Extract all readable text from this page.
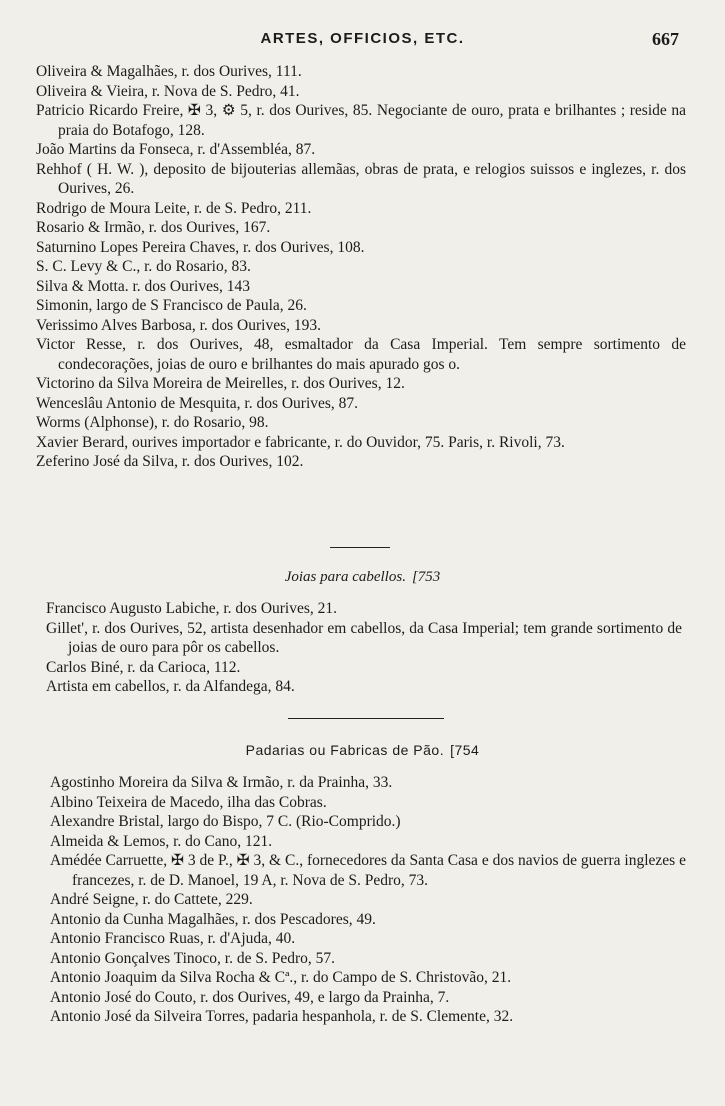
ARTES, OFFICIOS, ETC.	667

Oliveira & Magalhães, r. dos Ourives, 111.

Oliveira & Vieira, r. Nova de S. Pedro, 41.

Patricio Ricardo Freire, ✠ 3, ⚙ 5, r. dos Ourives, 85. Negociante de ouro, prata e brilhantes ; reside na praia do Botafogo, 128.

João Martins da Fonseca, r. d'Assembléa, 87.

Rehhof ( H. W. ), deposito de bijouterias allemãas, obras de prata, e relogios suissos e inglezes, r. dos Ourives, 26.

Rodrigo de Moura Leite, r. de S. Pedro, 211.

Rosario & Irmão, r. dos Ourives, 167.

Saturnino Lopes Pereira Chaves, r. dos Ourives, 108.

S. C. Levy & C., r. do Rosario, 83.

Silva & Motta. r. dos Ourives, 143

Simonin, largo de S Francisco de Paula, 26.

Verissimo Alves Barbosa, r. dos Ourives, 193.

Victor Resse, r. dos Ourives, 48, esmaltador da Casa Imperial. Tem sempre sortimento de condecorações, joias de ouro e brilhantes do mais apurado gos o.

Victorino da Silva Moreira de Meirelles, r. dos Ourives, 12.

Wenceslâu Antonio de Mesquita, r. dos Ourives, 87.

Worms (Alphonse), r. do Rosario, 98.

Xavier Berard, ourives importador e fabricante, r. do Ouvidor, 75. Paris, r. Rivoli, 73.

Zeferino José da Silva, r. dos Ourives, 102.

Joias para cabellos. [753

Francisco Augusto Labiche, r. dos Ourives, 21.

Gillet', r. dos Ourives, 52, artista desenhador em cabellos, da Casa Imperial; tem grande sortimento de joias de ouro para pôr os cabellos.

Carlos Biné, r. da Carioca, 112.

Artista em cabellos, r. da Alfandega, 84.

Padarias ou Fabricas de Pão. [754

Agostinho Moreira da Silva & Irmão, r. da Prainha, 33.

Albino Teixeira de Macedo, ilha das Cobras.

Alexandre Bristal, largo do Bispo, 7 C. (Rio-Comprido.)

Almeida & Lemos, r. do Cano, 121.

Amédée Carruette, ✠ 3 de P., ✠ 3, & C., fornecedores da Santa Casa e dos navios de guerra inglezes e francezes, r. de D. Manoel, 19 A, r. Nova de S. Pedro, 73.

André Seigne, r. do Cattete, 229.

Antonio da Cunha Magalhães, r. dos Pescadores, 49.

Antonio Francisco Ruas, r. d'Ajuda, 40.

Antonio Gonçalves Tinoco, r. de S. Pedro, 57.

Antonio Joaquim da Silva Rocha & Cª., r. do Campo de S. Christovão, 21.

Antonio José do Couto, r. dos Ourives, 49, e largo da Prainha, 7.

Antonio José da Silveira Torres, padaria hespanhola, r. de S. Clemente, 32.
